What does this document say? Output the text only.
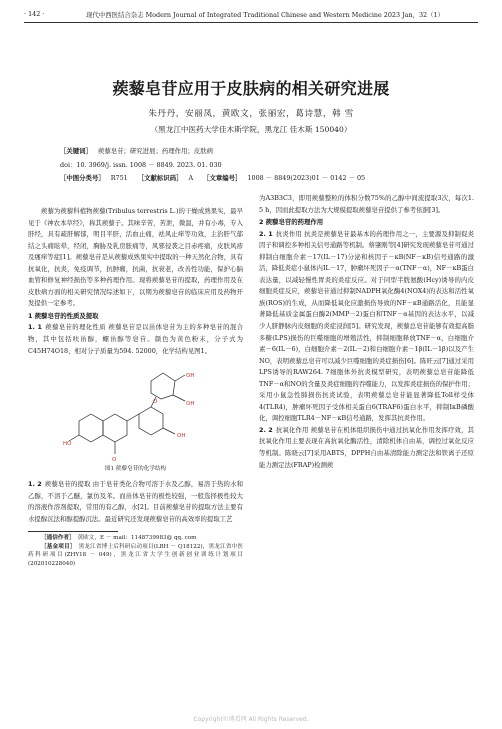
· 142 ·	现代中西医结合杂志 Modern Journal of Integrated Traditional Chinese and Western Medicine 2023 Jan，32（1）
蒺藜皂苷应用于皮肤病的相关研究进展
朱丹丹，安丽凤，黄欧文，张丽宏，葛诗慧，韩 雪
（黑龙江中医药大学佳木斯学院，黑龙江 佳木斯 150040）
［关键词］ 蒺藜皂苷；研究进展；药理作用；皮肤病
doi：10. 3969/j. issn. 1008 － 8849. 2023. 01. 030
［中图分类号］ R751 ［文献标识码］ A ［文章编号］ 1008 － 8849(2023)01 － 0142 － 05

蒺藜为蒺藜科植物蒺藜(Tribulus terrestris L.)的干燥成熟果实，最早见于《神农本草经》，称其蒺藜子。其味辛苦，苦泄，微温，并有小毒，专入肝经，具有疏肝解郁，明目平肝，活血止痛，祛风止痒等功效，主治肝气郁结之头痛眩晕，经闭，胸胁及乳房胀痛等，风邪侵袭之目赤疼痛，皮肤风疹及瘙痒等症[1]。蒺藜皂苷是从蒺藜成熟果实中提取的一种天然化合物，具有抗氧化，抗炎，免疫调节，抗肿瘤，抗菌，抗衰老，改善性功能，保护心脑血管和修复神经损伤等多种药理作用。现将蒺藜皂苷的提取，药理作用及在皮肤病方面的相关研究情况综述如下，以期为蒺藜皂苷的临床应用及药物开发提供一定参考。

1 蒺藜皂苷的性质及提取

1. 1 蒺藜皂苷的理化性质 蒺藜皂苷是以甾体皂苷为主的多种皂苷的混合物，其中包括呋甾醇，螺甾醇等皂苷。颜色为黄色粉末，分子式为C45H74O18，相对分子质量为594. 52000，化学结构见图1。

HO
O
OH
O
OH
OH
图1 蒺藜皂苷的化学结构

1. 2 蒺藜皂苷的提取 由于皂苷类化合物可溶于水及乙醇，易溶于热的水和乙醇，不溶于乙醚，氯仿及苯。而甾体皂苷的极性较强，一般选择极性较大的溶液作溶剂提取，常用的有乙醇，水[2]。目前蒺藜皂苷的提取方法主要有水提醇沉法和醇提醇沉法。最近研究还发现蒺藜皂苷的高效率的提取工艺

［通信作者］ 黄欧文，E － mail：1148739983@ qq. com

［基金项目］ 黑龙江省博士后科研启动项目(LBH － Q18122)，黑龙江省中医药科研项目(ZHY18 － 049)，黑龙江省大学生创新创业训练计划项目(202010228040)

为A3B3C3，即用蒺藜整粒的体积分数75%的乙醇中间流提取3次，每次1. 5 h，因而此提取方法为大规模提取蒺藜皂苷提供了参考依据[3]。

2 蒺藜皂苷的药理作用

2. 1 抗炎作用 抗炎是蒺藜皂苷最基本的药理作用之一，主要源及抑制促炎因子和调控多种相关信号通路等机制。蔡肇刚等[4]研究发现蒺藜皂苷可通过抑制白细胞介素－17(IL－17)分泌和核因子－κB(NF－κB)信号通路的激活，降低炎症小鼠体内IL－17，肿瘤坏死因子－α(TNF－α)，NF－κB蛋白表达量，以减轻慢性胃炎的炎症反应。对于同型半胱氨酸(Hcy)诱导的内皮细胞炎症反应，蒺藜皂苷通过抑制NADPH氧化酶4(NOX4)的表达和活性氧族(ROS)的生成，从而降低氧化应激损伤导致的NF－κB通路活化，且能显著降低基质金属蛋白酶2(MMP－2)蛋白和TNF－α基因的表达水平，以减少人脐静脉内皮细胞的炎症浸润[5]。研究发现，蒺藜总皂苷能够有效提高脂多糖(LPS)损伤的巨噬细胞的增殖活性，抑制细胞释放TNF－α，白细胞介素－6(IL－6)，白细胞介素－2(IL－2)和白细胞介素－1β(IL－1β)以及产生NO，表明蒺藜总皂苷可以减少巨噬细胞的炎症损伤[6]。陈旺云[7]通过采用LPS诱导的RAW264. 7细胞体外抗炎模型研究，表明蒺藜总皂苷能降低TNF－α和NO的含量及炎症细胞的吞噬能力，以发挥炎症损伤的保护作用；采用小鼠急性肺损伤抗炎试验，表明蒺藜总皂苷能显著降低Toll样受体4(TLR4)，肿瘤坏死因子受体相关蛋白6(TRAF6)蛋白水平，抑制IκB磷酸化，调控细胞TLR4－NF－κB信号通路，发挥其抗炎作用。

2. 2 抗氧化作用 蒺藜皂苷在机体组织损伤中通过抗氧化作用发挥疗效，其抗氧化作用主要表现在高抗氧化酶活性，清除机体自由基，调控过氧化反应等机制。陈晓云[7]采用ABTS，DPPH自由基清除能力测定法和铁离子还原能力测定法(FRAP)检测蒺

Copyright©博看网 All Rights Reserved.
